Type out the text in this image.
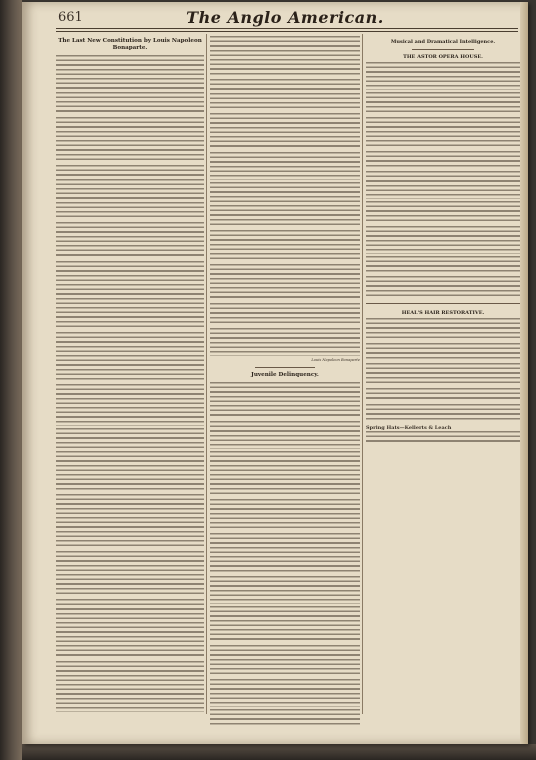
661	The Anglo American.
The Last New Constitution by Louis Napoleon Bonaparte.

Louis Napoleon Bonaparte

Juvenile Delinquency.
Musical and Dramatical Intelligence.
THE ASTOR OPERA HOUSE.
HEAL'S HAIR RESTORATIVE.
Spring Hats—Kellerts & Leach
